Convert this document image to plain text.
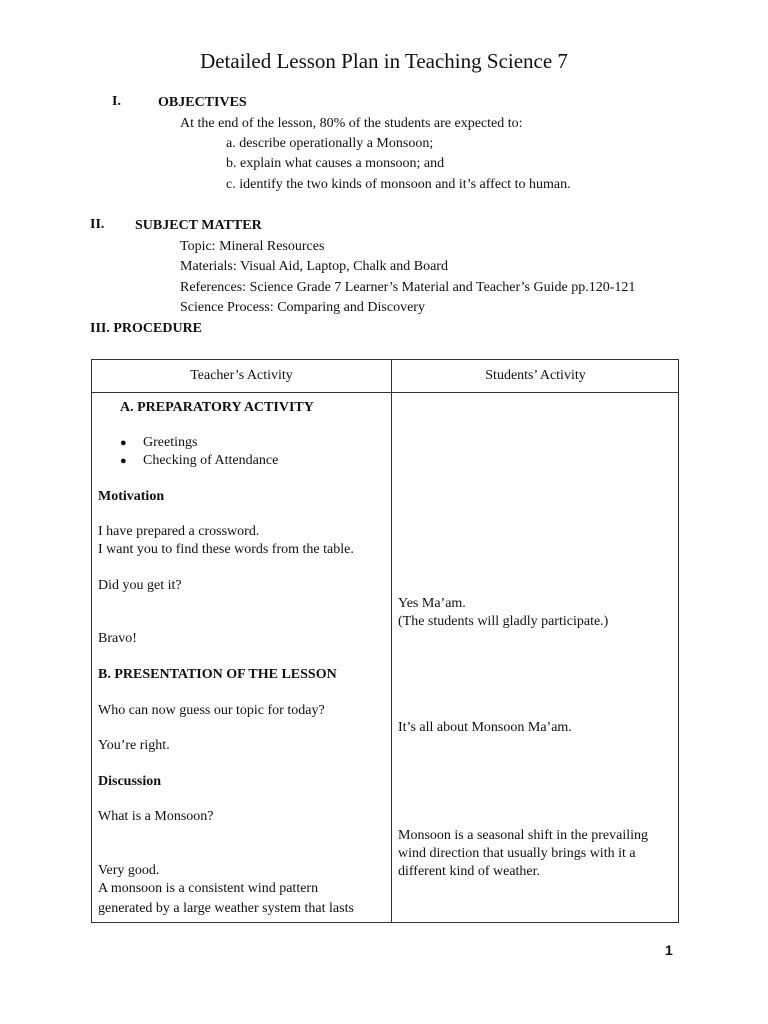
Detailed Lesson Plan in Teaching Science 7
I.	OBJECTIVES
At the end of the lesson, 80% of the students are expected to:
a. describe operationally a Monsoon;
b. explain what causes a monsoon; and
c. identify the two kinds of monsoon and it’s affect to human.
II. SUBJECT MATTER
Topic: Mineral Resources
Materials: Visual Aid, Laptop, Chalk and Board
References: Science Grade 7 Learner’s Material and Teacher’s Guide pp.120-121
Science Process: Comparing and Discovery
III. PROCEDURE
Teacher’s Activity	Students’ Activity
A. PREPARATORY ACTIVITY
● Greetings
● Checking of Attendance
Motivation
I have prepared a crossword.
I want you to find these words from the table.
Did you get it?
Bravo!
B. PRESENTATION OF THE LESSON
Who can now guess our topic for today?
You’re right.
Discussion
What is a Monsoon?
Very good.
A monsoon is a consistent wind pattern
generated by a large weather system that lasts
Yes Ma’am.
(The students will gladly participate.)
It’s all about Monsoon Ma’am.
Monsoon is a seasonal shift in the prevailing
wind direction that usually brings with it a
different kind of weather.
1
